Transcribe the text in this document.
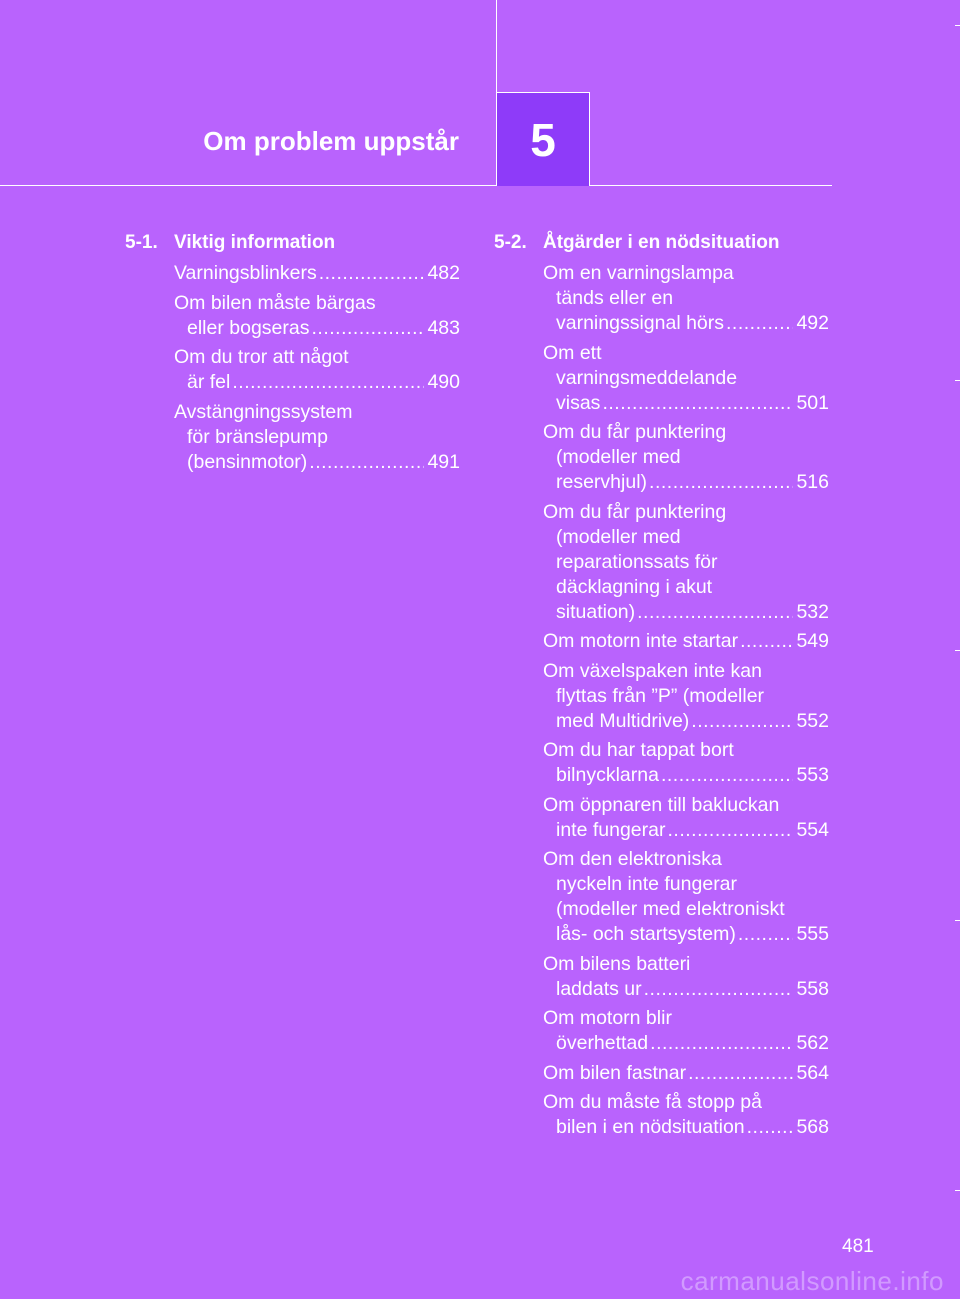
Om problem uppstår 5
5-1. Viktig information
Varningsblinkers .....	482
Om bilen måste bärgas
eller bogseras .....	483
Om du tror att något
är fel .....	490
Avstängningssystem
för bränslepump
(bensinmotor) .....	491
5-2. Åtgärder i en nödsituation
Om en varningslampa
tänds eller en
varningssignal hörs .....	492
Om ett
varningsmeddelande
visas .....	501
Om du får punktering
(modeller med
reservhjul) .....	516
Om du får punktering
(modeller med
reparationssats för
däcklagning i akut
situation) .....	532
Om motorn inte startar .....	549
Om växelspaken inte kan
flyttas från ”P” (modeller
med Multidrive) .....	552
Om du har tappat bort
bilnycklarna .....	553
Om öppnaren till bakluckan
inte fungerar .....	554
Om den elektroniska
nyckeln inte fungerar
(modeller med elektroniskt
lås- och startsystem) .....	555
Om bilens batteri
laddats ur .....	558
Om motorn blir
överhettad .....	562
Om bilen fastnar .....	564
Om du måste få stopp på
bilen i en nödsituation .....	568
481
carmanualsonline.info
